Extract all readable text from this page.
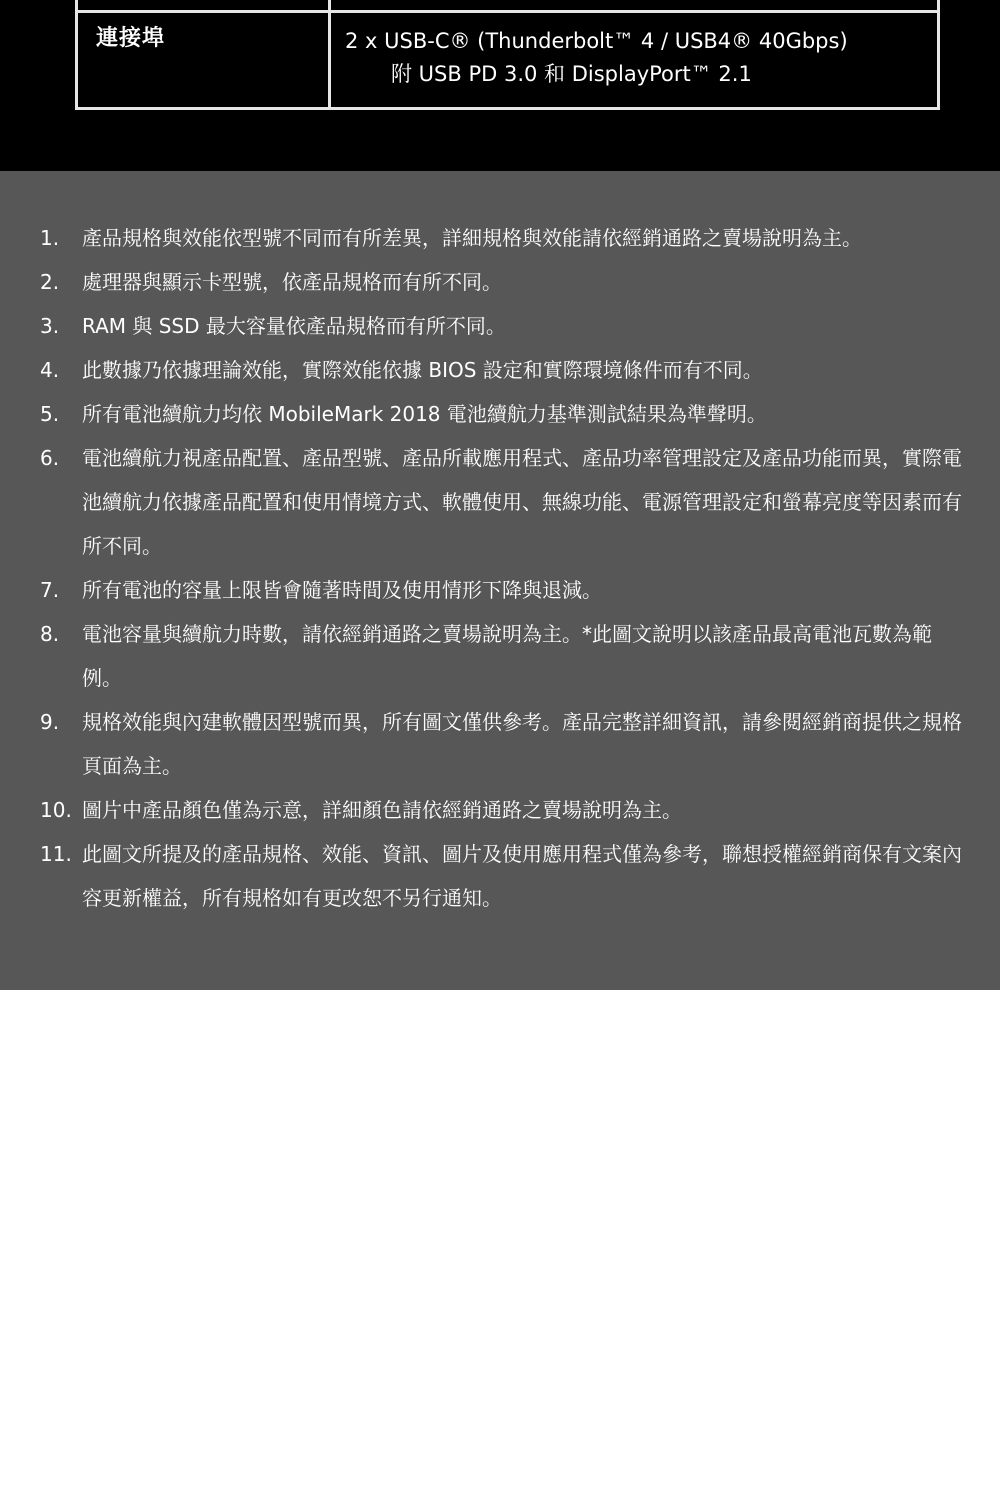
連接埠	2 x USB-C® (Thunderbolt™ 4 / USB4® 40Gbps)
附 USB PD 3.0 和 DisplayPort™ 2.1
1.	產品規格與效能依型號不同而有所差異，詳細規格與效能請依經銷通路之賣場說明為主。
2.	處理器與顯示卡型號，依產品規格而有所不同。
3.	RAM 與 SSD 最大容量依產品規格而有所不同。
4.	此數據乃依據理論效能，實際效能依據 BIOS 設定和實際環境條件而有不同。
5.	所有電池續航力均依 MobileMark 2018 電池續航力基準測試結果為準聲明。
6.	電池續航力視產品配置、產品型號、產品所載應用程式、產品功率管理設定及產品功能而異，實際電池續航力依據產品配置和使用情境方式、軟體使用、無線功能、電源管理設定和螢幕亮度等因素而有所不同。
7.	所有電池的容量上限皆會隨著時間及使用情形下降與退減。
8.	電池容量與續航力時數，請依經銷通路之賣場說明為主。*此圖文說明以該產品最高電池瓦數為範例。
9.	規格效能與內建軟體因型號而異，所有圖文僅供參考。產品完整詳細資訊，請參閱經銷商提供之規格頁面為主。
10. 圖片中產品顏色僅為示意，詳細顏色請依經銷通路之賣場說明為主。
11. 此圖文所提及的產品規格、效能、資訊、圖片及使用應用程式僅為參考，聯想授權經銷商保有文案內容更新權益，所有規格如有更改恕不另行通知。
